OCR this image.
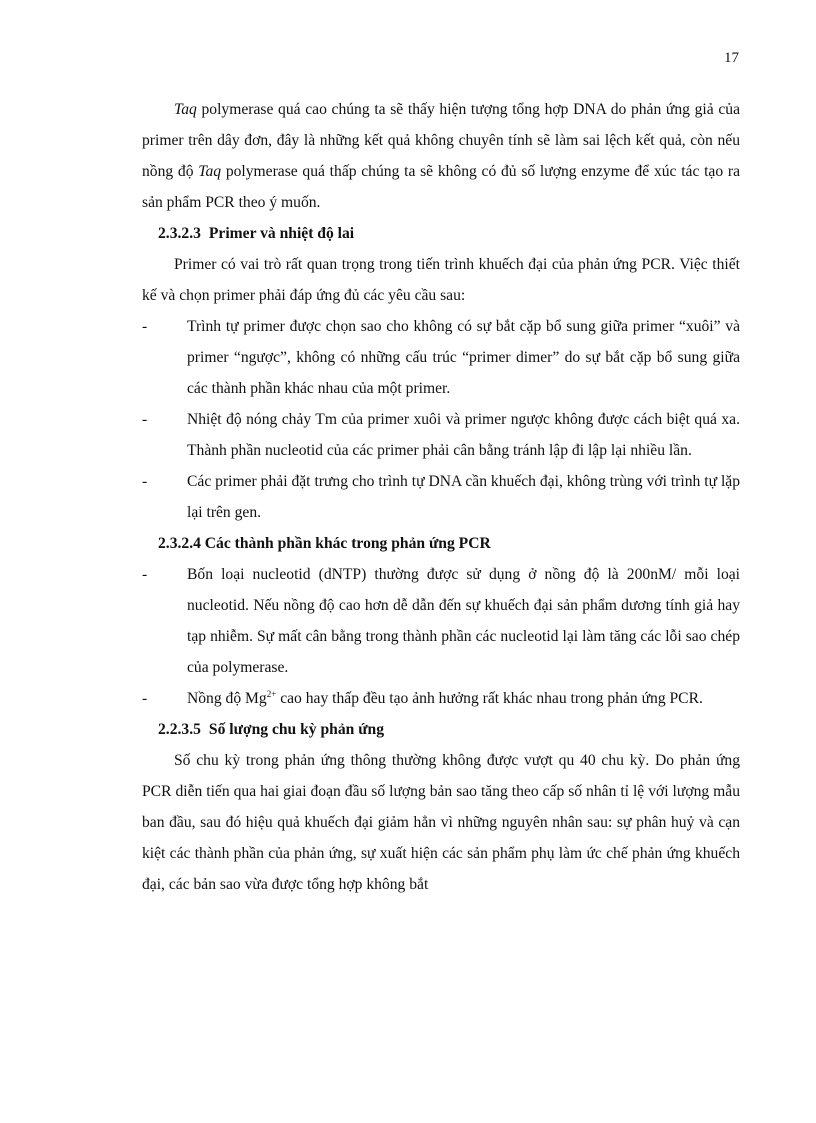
17

Taq polymerase quá cao chúng ta sẽ thấy hiện tượng tổng hợp DNA do phản ứng giả của primer trên dây đơn, đây là những kết quả không chuyên tính sẽ làm sai lệch kết quả, còn nếu nồng độ Taq polymerase quá thấp chúng ta sẽ không có đủ số lượng enzyme để xúc tác tạo ra sản phẩm PCR theo ý muốn.

2.3.2.3 Primer và nhiệt độ lai

Primer có vai trò rất quan trọng trong tiến trình khuếch đại của phản ứng PCR. Việc thiết kế và chọn primer phải đáp ứng đủ các yêu cầu sau:

-	Trình tự primer được chọn sao cho không có sự bắt cặp bổ sung giữa primer “xuôi” và primer “ngược”, không có những cấu trúc “primer dimer” do sự bắt cặp bổ sung giữa các thành phần khác nhau của một primer.

-	Nhiệt độ nóng chảy Tm của primer xuôi và primer ngược không được cách biệt quá xa. Thành phần nucleotid của các primer phải cân bằng tránh lập đi lập lại nhiều lần.

-	Các primer phải đặt trưng cho trình tự DNA cần khuếch đại, không trùng với trình tự lặp lại trên gen.

2.3.2.4 Các thành phần khác trong phản ứng PCR

-	Bốn loại nucleotid (dNTP) thường được sử dụng ở nồng độ là 200nM/ mỗi loại nucleotid. Nếu nồng độ cao hơn dễ dẫn đến sự khuếch đại sản phẩm dương tính giả hay tạp nhiễm. Sự mất cân bằng trong thành phần các nucleotid lại làm tăng các lỗi sao chép của polymerase.

-	Nồng độ $Mg^{2+}$ cao hay thấp đều tạo ảnh hưởng rất khác nhau trong phản ứng PCR.

2.2.3.5 Số lượng chu kỳ phản ứng

Số chu kỳ trong phản ứng thông thường không được vượt qu 40 chu kỳ. Do phản ứng PCR diễn tiến qua hai giai đoạn đầu số lượng bản sao tăng theo cấp số nhân tỉ lệ với lượng mẫu ban đầu, sau đó hiệu quả khuếch đại giảm hẳn vì những nguyên nhân sau: sự phân huỷ và cạn kiệt các thành phần của phản ứng, sự xuất hiện các sản phẩm phụ làm ức chế phản ứng khuếch đại, các bản sao vừa được tổng hợp không bắt
